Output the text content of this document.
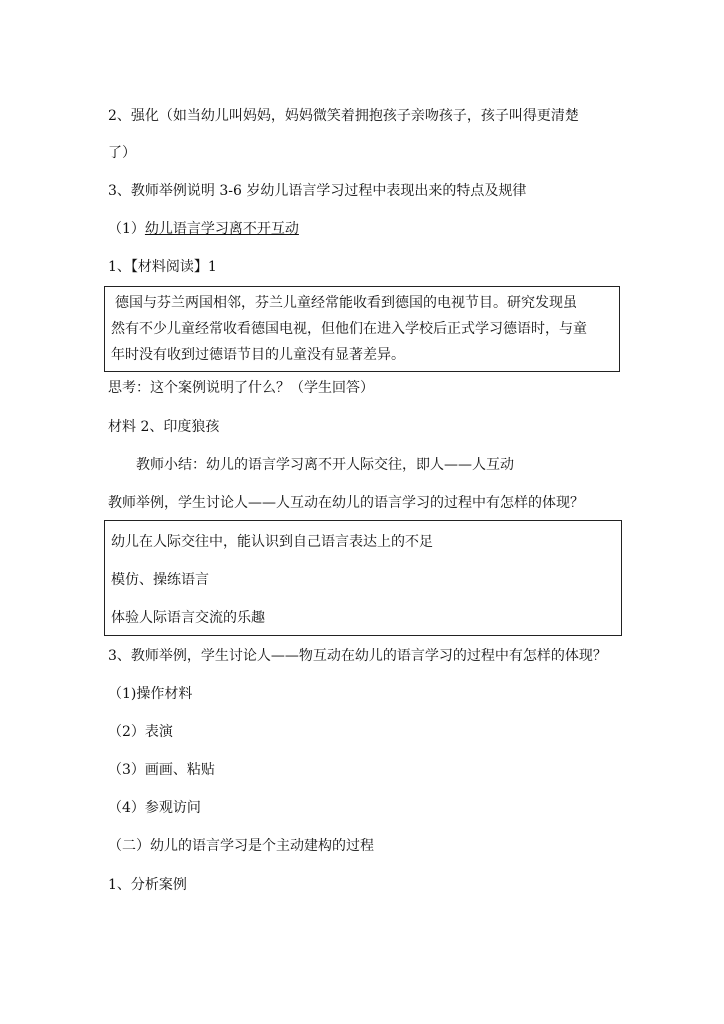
2、强化（如当幼儿叫妈妈，妈妈微笑着拥抱孩子亲吻孩子，孩子叫得更清楚
了）
3、教师举例说明 3-6 岁幼儿语言学习过程中表现出来的特点及规律
（1）幼儿语言学习离不开互动
1、【材料阅读】1
德国与芬兰两国相邻，芬兰儿童经常能收看到德国的电视节目。研究发现虽
然有不少儿童经常收看德国电视，但他们在进入学校后正式学习德语时，与童
年时没有收到过德语节目的儿童没有显著差异。
思考：这个案例说明了什么？（学生回答）
材料 2、印度狼孩
教师小结：幼儿的语言学习离不开人际交往，即人——人互动
教师举例，学生讨论人——人互动在幼儿的语言学习的过程中有怎样的体现？
幼儿在人际交往中，能认识到自己语言表达上的不足
模仿、操练语言
体验人际语言交流的乐趣
3、教师举例，学生讨论人——物互动在幼儿的语言学习的过程中有怎样的体现？
（1)操作材料
（2）表演
（3）画画、粘贴
（4）参观访问
（二）幼儿的语言学习是个主动建构的过程
1、分析案例
